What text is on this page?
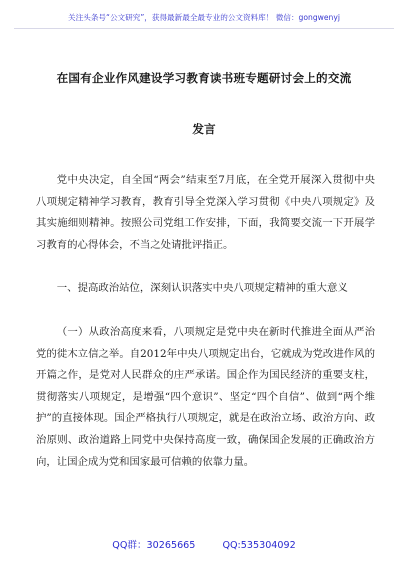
关注头条号“公文研究”，获得最新最全最专业的公文资料库！ 微信：gongwenyj
在国有企业作风建设学习教育读书班专题研讨会上的交流
发言

党中央决定，自全国“两会”结束至7月底，在全党开展深入贯彻中央八项规定精神学习教育，教育引导全党深入学习贯彻《中央八项规定》及其实施细则精神。按照公司党组工作安排，下面，我简要交流一下开展学习教育的心得体会，不当之处请批评指正。

一、提高政治站位，深刻认识落实中央八项规定精神的重大意义

（一）从政治高度来看，八项规定是党中央在新时代推进全面从严治党的徙木立信之举。自2012年中央八项规定出台，它就成为党改进作风的开篇之作，是党对人民群众的庄严承诺。国企作为国民经济的重要支柱，贯彻落实八项规定，是增强“四个意识”、坚定“四个自信”、做到“两个维护”的直接体现。国企严格执行八项规定，就是在政治立场、政治方向、政治原则、政治道路上同党中央保持高度一致，确保国企发展的正确政治方向，让国企成为党和国家最可信赖的依靠力量。

QQ群：30265665	QQ:535304092
